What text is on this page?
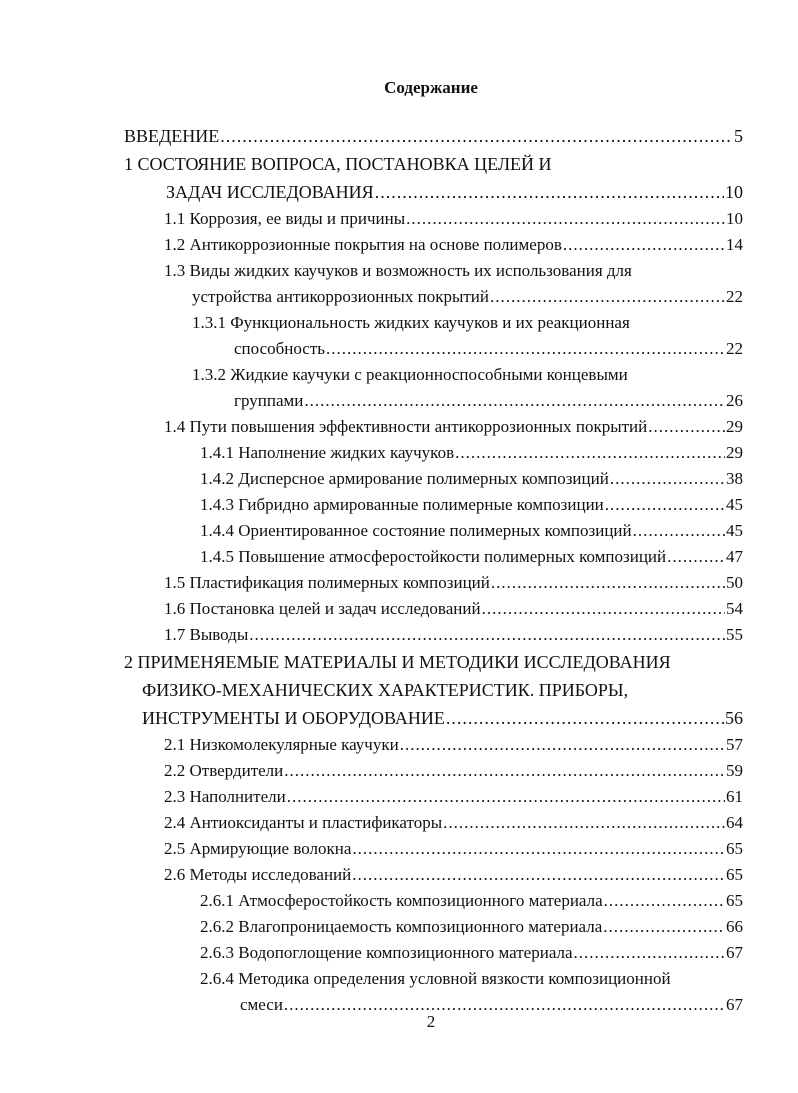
Содержание
ВВЕДЕНИЕ .....	5
1 СОСТОЯНИЕ ВОПРОСА, ПОСТАНОВКА ЦЕЛЕЙ И
ЗАДАЧ ИССЛЕДОВАНИЯ .....	10
1.1 Коррозия, ее виды и причины .....	10
1.2 Антикоррозионные покрытия на основе полимеров .....	14
1.3 Виды жидких каучуков и возможность их использования для
устройства антикоррозионных покрытий .....	22
1.3.1 Функциональность жидких каучуков и их реакционная
способность .....	22
1.3.2 Жидкие каучуки с реакционноспособными концевыми
группами .....	26
1.4 Пути повышения эффективности антикоррозионных покрытий .....	29
1.4.1 Наполнение жидких каучуков .....	29
1.4.2 Дисперсное армирование полимерных композиций .....	38
1.4.3 Гибридно армированные полимерные композиции .....	45
1.4.4 Ориентированное состояние полимерных композиций .....	45
1.4.5 Повышение атмосферостойкости полимерных композиций .....	47
1.5 Пластификация полимерных композиций .....	50
1.6 Постановка целей и задач исследований .....	54
1.7 Выводы .....	55
2 ПРИМЕНЯЕМЫЕ МАТЕРИАЛЫ И МЕТОДИКИ ИССЛЕДОВАНИЯ
ФИЗИКО-МЕХАНИЧЕСКИХ ХАРАКТЕРИСТИК. ПРИБОРЫ,
ИНСТРУМЕНТЫ И ОБОРУДОВАНИЕ .....	56
2.1 Низкомолекулярные каучуки .....	57
2.2 Отвердители .....	59
2.3 Наполнители .....	61
2.4 Антиоксиданты и пластификаторы .....	64
2.5 Армирующие волокна .....	65
2.6 Методы исследований .....	65
2.6.1 Атмосферостойкость композиционного материала .....	65
2.6.2 Влагопроницаемость композиционного материала .....	66
2.6.3 Водопоглощение композиционного материала .....	67
2.6.4 Методика определения условной вязкости композиционной
смеси .....	67
2
